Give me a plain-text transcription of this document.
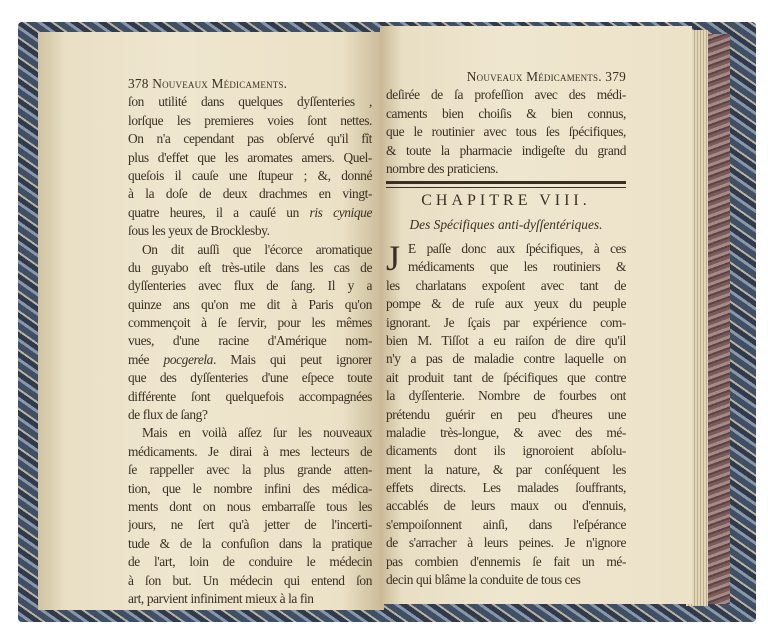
378 Nouveaux Médicaments.
ſon utilité dans quelques dyſſenteries ,
lorſque les premieres voies ſont nettes.
On n'a cependant pas obſervé qu'il fît
plus d'effet que les aromates amers. Quel-
queſois il cauſe une ſtupeur ; &, donné
à la doſe de deux drachmes en vingt-
quatre heures, il a cauſé un ris cynique
ſous les yeux de Brocklesby.
On dit auſſi que l'écorce aromatique
du guyabo eſt très-utile dans les cas de
dyſſenteries avec flux de ſang. Il y a
quinze ans qu'on me dit à Paris qu'on
commençoit à ſe ſervir, pour les mêmes
vues, d'une racine d'Amérique nom-
mée pocgerela. Mais qui peut ignorer
que des dyſſenteries d'une eſpece toute
différente ſont quelquefois accompagnées
de flux de ſang?
Mais en voilà aſſez ſur les nouveaux
médicaments. Je dirai à mes lecteurs de
ſe rappeller avec la plus grande atten-
tion, que le nombre infini des médica-
ments dont on nous embarraſſe tous les
jours, ne ſert qu'à jetter de l'incerti-
tude & de la confuſion dans la pratique
de l'art, loin de conduire le médecin
à ſon but. Un médecin qui entend ſon
art, parvient infiniment mieux à la fin
Nouveaux Médicaments. 379
deſirée de ſa profeſſion avec des médi-
caments bien choiſis & bien connus,
que le routinier avec tous ſes ſpécifiques,
& toute la pharmacie indigeſte du grand
nombre des praticiens.
CHAPITRE VIII.
Des Spécifiques anti-dyſſentériques.
J E paſſe donc aux ſpécifiques, à ces
médicaments que les routiniers &
les charlatans expoſent avec tant de
pompe & de ruſe aux yeux du peuple
ignorant. Je ſçais par expérience com-
bien M. Tiſſot a eu raiſon de dire qu'il
n'y a pas de maladie contre laquelle on
ait produit tant de ſpécifiques que contre
la dyſſenterie. Nombre de fourbes ont
prétendu guérir en peu d'heures une
maladie très-longue, & avec des mé-
dicaments dont ils ignoroient abſolu-
ment la nature, & par conſéquent les
effets directs. Les malades ſouffrants,
accablés de leurs maux ou d'ennuis,
s'empoiſonnent ainſi, dans l'eſpérance
de s'arracher à leurs peines. Je n'ignore
pas combien d'ennemis ſe fait un mé-
decin qui blâme la conduite de tous ces
